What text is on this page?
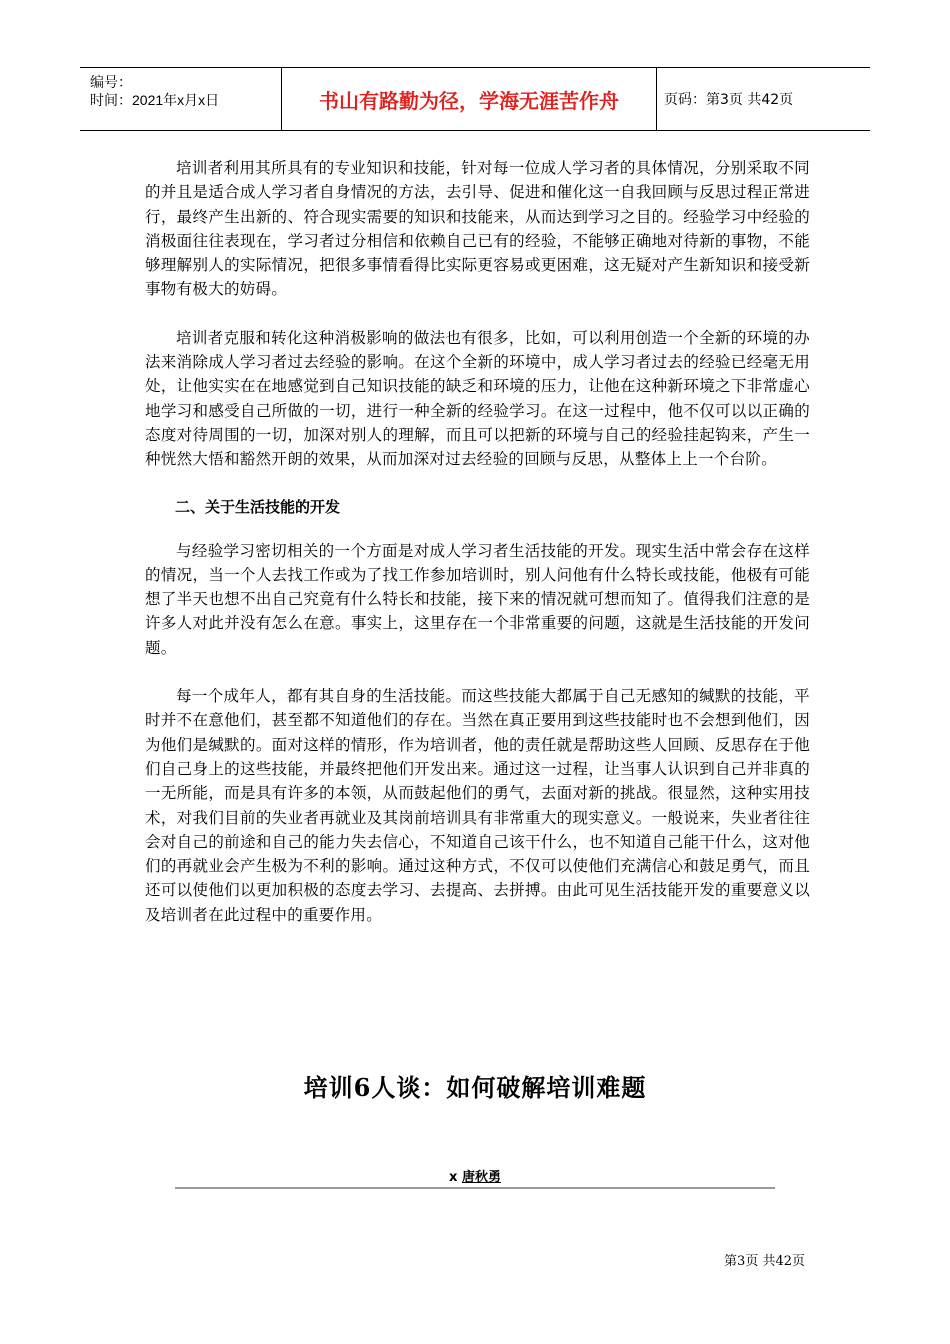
编号：
时间：2021年x月x日	书山有路勤为径，学海无涯苦作舟	页码：第3页 共42页

培训者利用其所具有的专业知识和技能，针对每一位成人学习者的具体情况，分别采取不同的并且是适合成人学习者自身情况的方法，去引导、促进和催化这一自我回顾与反思过程正常进行，最终产生出新的、符合现实需要的知识和技能来，从而达到学习之目的。经验学习中经验的消极面往往表现在，学习者过分相信和依赖自己已有的经验，不能够正确地对待新的事物，不能够理解别人的实际情况，把很多事情看得比实际更容易或更困难，这无疑对产生新知识和接受新事物有极大的妨碍。

培训者克服和转化这种消极影响的做法也有很多，比如，可以利用创造一个全新的环境的办法来消除成人学习者过去经验的影响。在这个全新的环境中，成人学习者过去的经验已经毫无用处，让他实实在在地感觉到自己知识技能的缺乏和环境的压力，让他在这种新环境之下非常虚心地学习和感受自己所做的一切，进行一种全新的经验学习。在这一过程中，他不仅可以以正确的态度对待周围的一切，加深对别人的理解，而且可以把新的环境与自己的经验挂起钩来，产生一种恍然大悟和豁然开朗的效果，从而加深对过去经验的回顾与反思，从整体上上一个台阶。

二、关于生活技能的开发

与经验学习密切相关的一个方面是对成人学习者生活技能的开发。现实生活中常会存在这样的情况，当一个人去找工作或为了找工作参加培训时，别人问他有什么特长或技能，他极有可能想了半天也想不出自己究竟有什么特长和技能，接下来的情况就可想而知了。值得我们注意的是许多人对此并没有怎么在意。事实上，这里存在一个非常重要的问题，这就是生活技能的开发问题。

每一个成年人，都有其自身的生活技能。而这些技能大都属于自己无感知的缄默的技能，平时并不在意他们，甚至都不知道他们的存在。当然在真正要用到这些技能时也不会想到他们，因为他们是缄默的。面对这样的情形，作为培训者，他的责任就是帮助这些人回顾、反思存在于他们自己身上的这些技能，并最终把他们开发出来。通过这一过程，让当事人认识到自己并非真的一无所能，而是具有许多的本领，从而鼓起他们的勇气，去面对新的挑战。很显然，这种实用技术，对我们目前的失业者再就业及其岗前培训具有非常重大的现实意义。一般说来，失业者往往会对自己的前途和自己的能力失去信心，不知道自己该干什么，也不知道自己能干什么，这对他们的再就业会产生极为不利的影响。通过这种方式，不仅可以使他们充满信心和鼓足勇气，而且还可以使他们以更加积极的态度去学习、去提高、去拼搏。由此可见生活技能开发的重要意义以及培训者在此过程中的重要作用。

培训6人谈：如何破解培训难题
x 唐秋勇
第3页 共42页
